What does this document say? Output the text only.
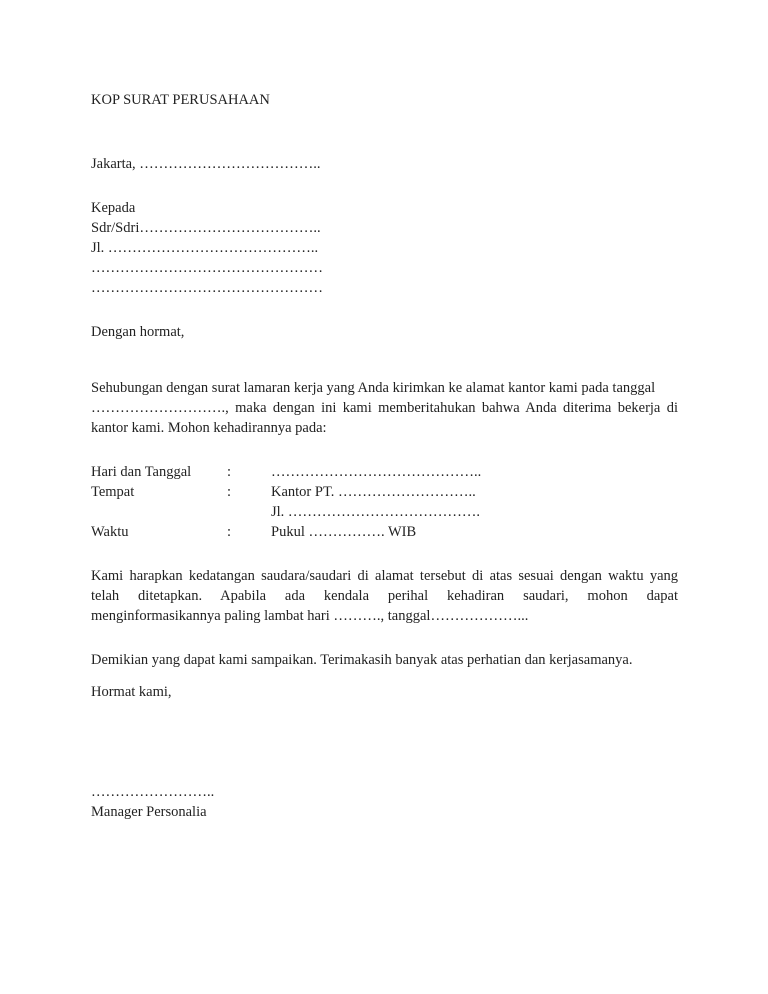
KOP SURAT PERUSAHAAN
Jakarta, ………………………………..
Kepada
Sdr/Sdri………………………………..
Jl. ……………………………………..
…………………………………………
…………………………………………
Dengan hormat,
Sehubungan dengan surat lamaran kerja yang Anda kirimkan ke alamat kantor kami pada tanggal
………………………., maka dengan ini kami memberitahukan bahwa Anda diterima bekerja di
kantor kami. Mohon kehadirannya pada:
Hari dan Tanggal	:	……………………………………..
Tempat	:	Kantor PT. ………………………..
		Jl. ………………………………….
Waktu	:	Pukul ……………. WIB
Kami harapkan kedatangan saudara/saudari di alamat tersebut di atas sesuai dengan waktu yang
telah ditetapkan. Apabila ada kendala perihal kehadiran saudari, mohon dapat
menginformasikannya paling lambat hari ………., tanggal………………...
Demikian yang dapat kami sampaikan. Terimakasih banyak atas perhatian dan kerjasamanya.
Hormat kami,
……………………..
Manager Personalia
